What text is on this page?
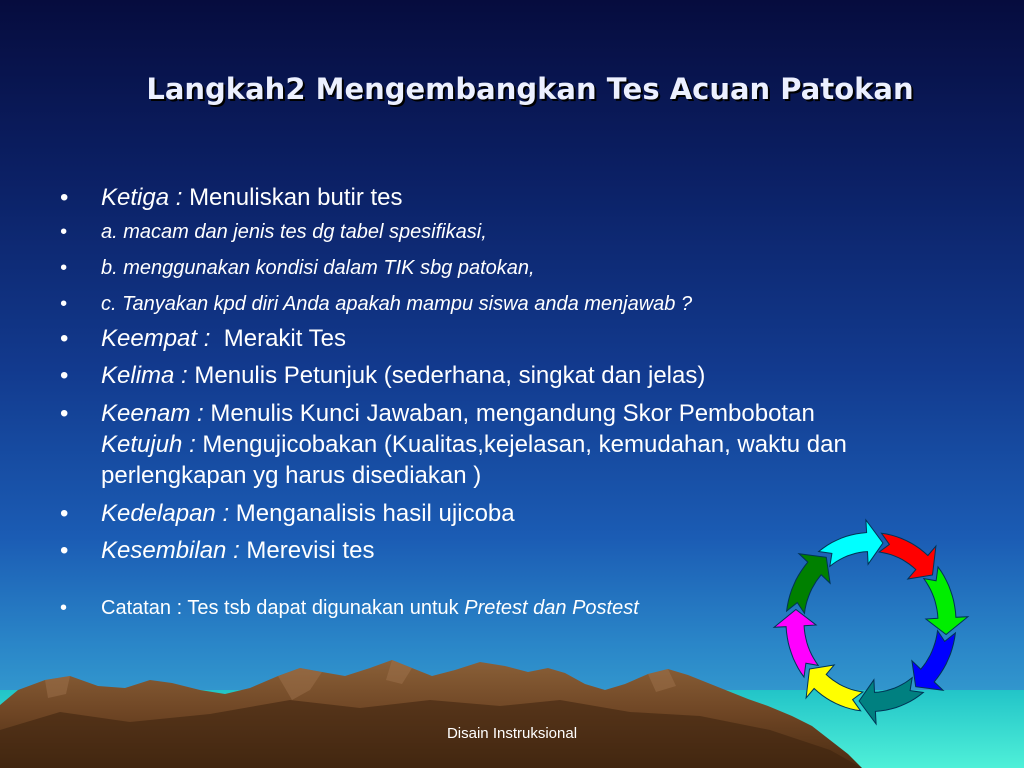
Langkah2 Mengembangkan Tes Acuan Patokan
•	Ketiga : Menuliskan butir tes
•	a. macam dan jenis tes dg tabel spesifikasi,
•	b. menggunakan kondisi dalam TIK sbg patokan,
•	c. Tanyakan kpd diri Anda apakah mampu siswa anda menjawab ?
•	Keempat : Merakit Tes
•	Kelima : Menulis Petunjuk (sederhana, singkat dan jelas)
•	Keenam : Menulis Kunci Jawaban, mengandung Skor Pembobotan
Ketujuh : Mengujicobakan (Kualitas,kejelasan, kemudahan, waktu dan perlengkapan yg harus disediakan )
•	Kedelapan : Menganalisis hasil ujicoba
•	Kesembilan : Merevisi tes
•	Catatan : Tes tsb dapat digunakan untuk Pretest dan Postest
Disain Instruksional
